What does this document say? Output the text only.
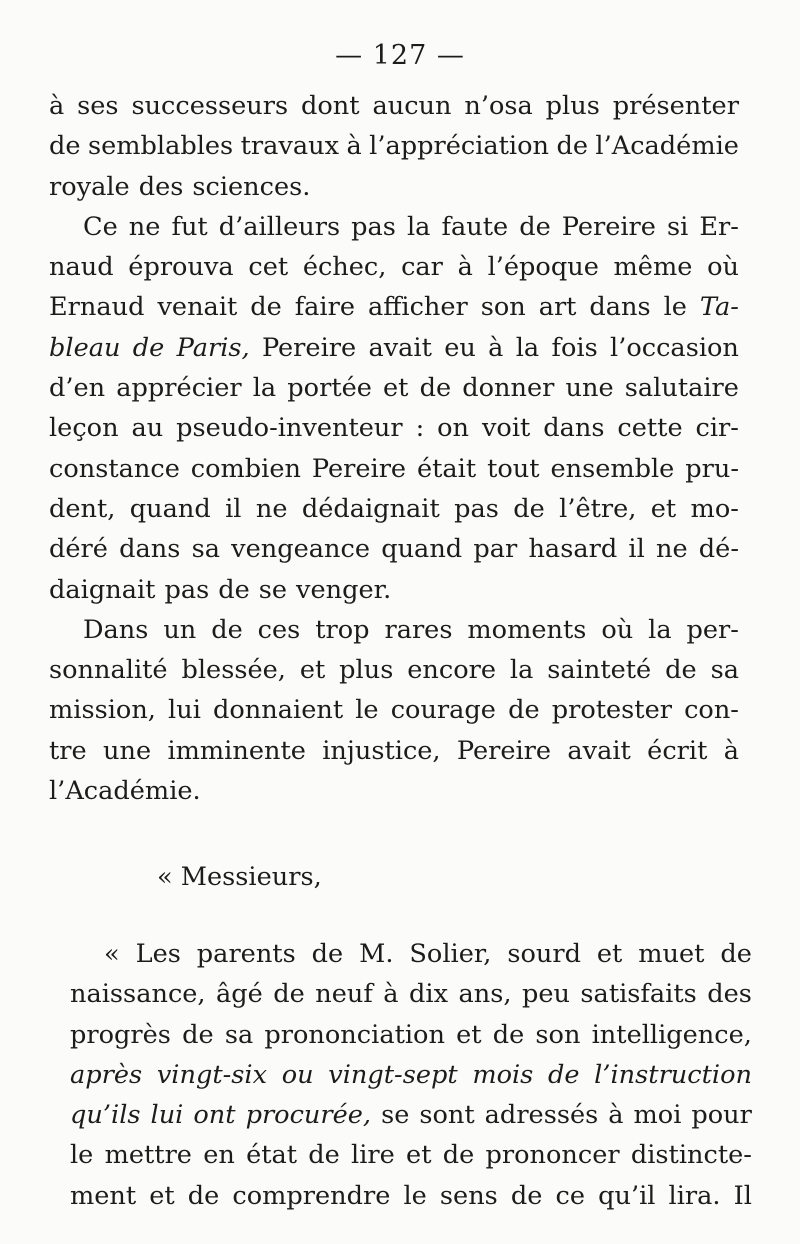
— 127 —
à ses successeurs dont aucun n’osa plus présenter
de semblables travaux à l’appréciation de l’Académie
royale des sciences.
Ce ne fut d’ailleurs pas la faute de Pereire si Er-
naud éprouva cet échec, car à l’époque même où
Ernaud venait de faire afficher son art dans le Ta-
bleau de Paris, Pereire avait eu à la fois l’occasion
d’en apprécier la portée et de donner une salutaire
leçon au pseudo-inventeur : on voit dans cette cir-
constance combien Pereire était tout ensemble pru-
dent, quand il ne dédaignait pas de l’être, et mo-
déré dans sa vengeance quand par hasard il ne dé-
daignait pas de se venger.
Dans un de ces trop rares moments où la per-
sonnalité blessée, et plus encore la sainteté de sa
mission, lui donnaient le courage de protester con-
tre une imminente injustice, Pereire avait écrit à
l’Académie.
« Messieurs,
« Les parents de M. Solier, sourd et muet de
naissance, âgé de neuf à dix ans, peu satisfaits des
progrès de sa prononciation et de son intelligence,
après vingt-six ou vingt-sept mois de l’instruction
qu’ils lui ont procurée, se sont adressés à moi pour
le mettre en état de lire et de prononcer distincte-
ment et de comprendre le sens de ce qu’il lira. Il
